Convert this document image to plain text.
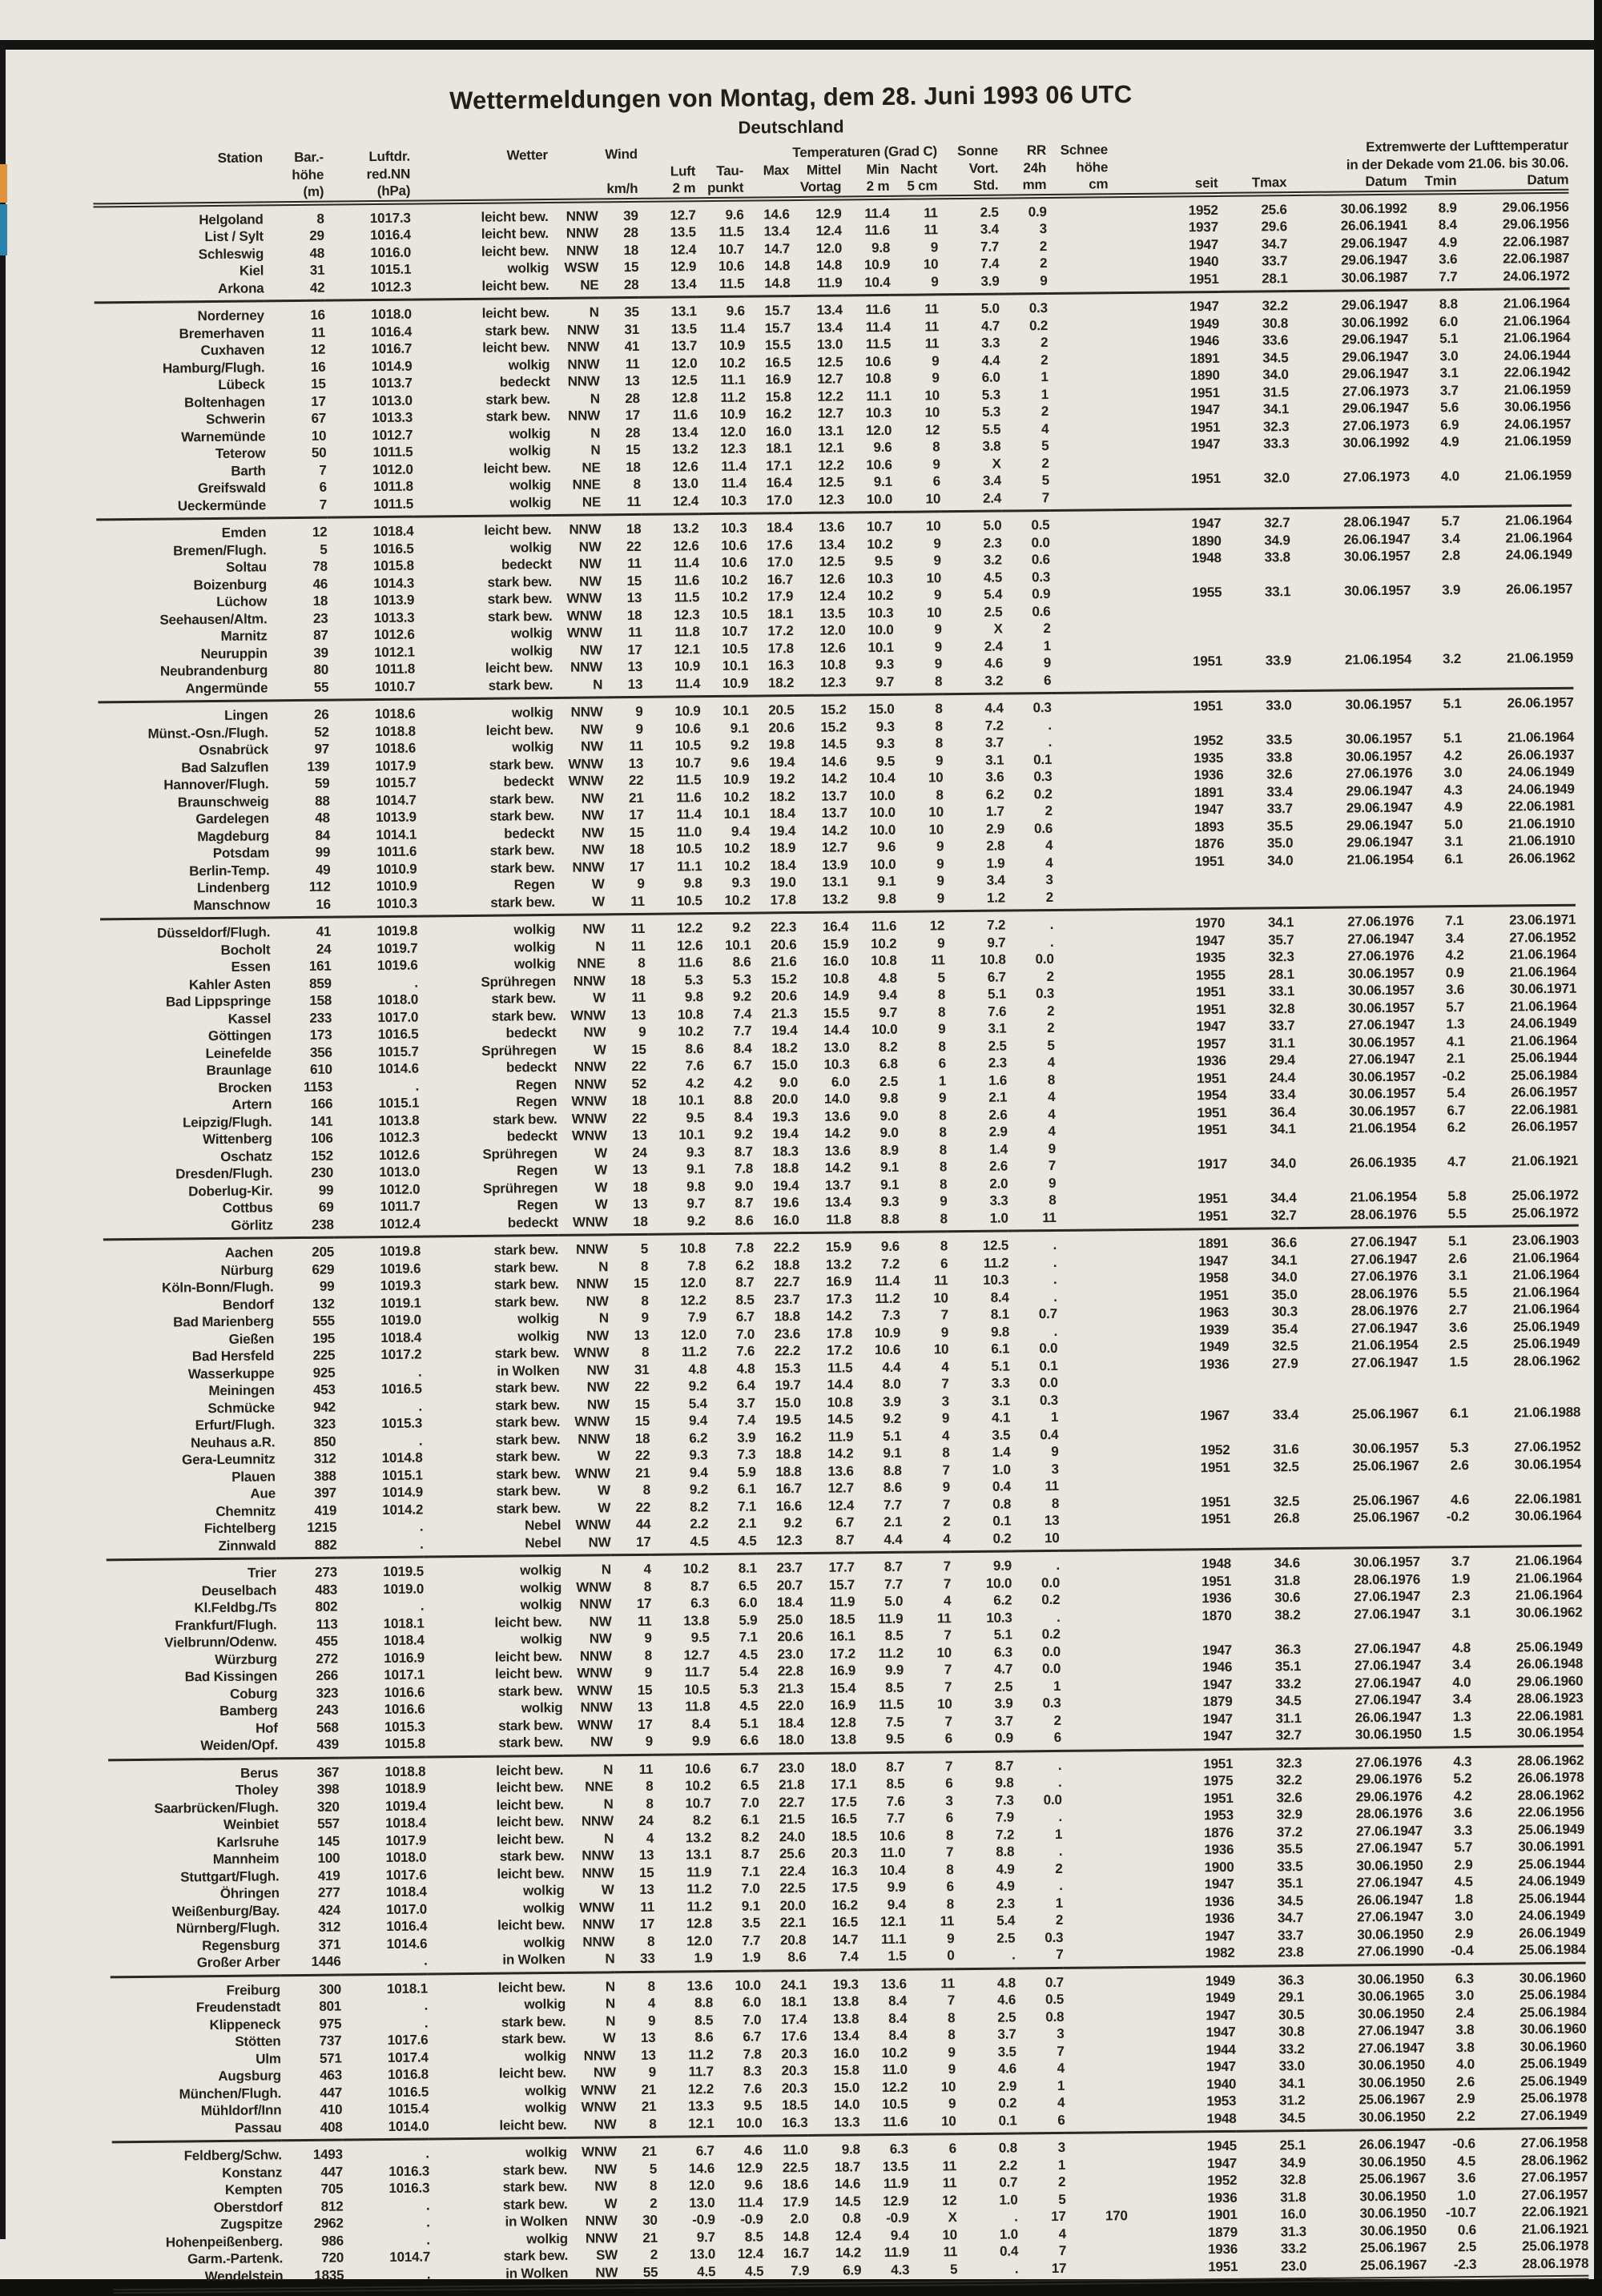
Wettermeldungen von Montag, dem 28. Juni 1993 06 UTC
Deutschland
Station	Bar.-	Luftdr.	Wetter	Wind		Temperaturen (Grad C)						Sonne	RR	Schnee	Extremwerte der Lufttemperatur				
	höhe	red.NN				Luft	Tau-	Max	Mittel	Min	Nacht	Vort.	24h	höhe	in der Dekade vom 21.06. bis 30.06.				
	(m)	(hPa)			km/h	2 m	punkt	Vortag		2 m	5 cm	Std.	mm	cm	seit	Tmax	Datum	Tmin	Datum
Helgoland	8	1017.3	leicht bew.	NNW	39	12.7	9.6	14.6	12.9	11.4	11	2.5	0.9		1952	25.6	30.06.1992	8.9	29.06.1956
List / Sylt	29	1016.4	leicht bew.	NNW	28	13.5	11.5	13.4	12.4	11.6	11	3.4	3		1937	29.6	26.06.1941	8.4	29.06.1956
Schleswig	48	1016.0	leicht bew.	NNW	18	12.4	10.7	14.7	12.0	9.8	9	7.7	2		1947	34.7	29.06.1947	4.9	22.06.1987
Kiel	31	1015.1	wolkig	WSW	15	12.9	10.6	14.8	14.8	10.9	10	7.4	2		1940	33.7	29.06.1947	3.6	22.06.1987
Arkona	42	1012.3	leicht bew.	NE	28	13.4	11.5	14.8	11.9	10.4	9	3.9	9		1951	28.1	30.06.1987	7.7	24.06.1972
Norderney	16	1018.0	leicht bew.	N	35	13.1	9.6	15.7	13.4	11.6	11	5.0	0.3		1947	32.2	29.06.1947	8.8	21.06.1964
Bremerhaven	11	1016.4	stark bew.	NNW	31	13.5	11.4	15.7	13.4	11.4	11	4.7	0.2		1949	30.8	30.06.1992	6.0	21.06.1964
Cuxhaven	12	1016.7	leicht bew.	NNW	41	13.7	10.9	15.5	13.0	11.5	11	3.3	2		1946	33.6	29.06.1947	5.1	21.06.1964
Hamburg/Flugh.	16	1014.9	wolkig	NNW	11	12.0	10.2	16.5	12.5	10.6	9	4.4	2		1891	34.5	29.06.1947	3.0	24.06.1944
Lübeck	15	1013.7	bedeckt	NNW	13	12.5	11.1	16.9	12.7	10.8	9	6.0	1		1890	34.0	29.06.1947	3.1	22.06.1942
Boltenhagen	17	1013.0	stark bew.	N	28	12.8	11.2	15.8	12.2	11.1	10	5.3	1		1951	31.5	27.06.1973	3.7	21.06.1959
Schwerin	67	1013.3	stark bew.	NNW	17	11.6	10.9	16.2	12.7	10.3	10	5.3	2		1947	34.1	29.06.1947	5.6	30.06.1956
Warnemünde	10	1012.7	wolkig	N	28	13.4	12.0	16.0	13.1	12.0	12	5.5	4		1951	32.3	27.06.1973	6.9	24.06.1957
Teterow	50	1011.5	wolkig	N	15	13.2	12.3	18.1	12.1	9.6	8	3.8	5		1947	33.3	30.06.1992	4.9	21.06.1959
Barth	7	1012.0	leicht bew.	NE	18	12.6	11.4	17.1	12.2	10.6	9	X	2						
Greifswald	6	1011.8	wolkig	NNE	8	13.0	11.4	16.4	12.5	9.1	6	3.4	5		1951	32.0	27.06.1973	4.0	21.06.1959
Ueckermünde	7	1011.5	wolkig	NE	11	12.4	10.3	17.0	12.3	10.0	10	2.4	7						
Emden	12	1018.4	leicht bew.	NNW	18	13.2	10.3	18.4	13.6	10.7	10	5.0	0.5		1947	32.7	28.06.1947	5.7	21.06.1964
Bremen/Flugh.	5	1016.5	wolkig	NW	22	12.6	10.6	17.6	13.4	10.2	9	2.3	0.0		1890	34.9	26.06.1947	3.4	21.06.1964
Soltau	78	1015.8	bedeckt	NW	11	11.4	10.6	17.0	12.5	9.5	9	3.2	0.6		1948	33.8	30.06.1957	2.8	24.06.1949
Boizenburg	46	1014.3	stark bew.	NW	15	11.6	10.2	16.7	12.6	10.3	10	4.5	0.3						
Lüchow	18	1013.9	stark bew.	WNW	13	11.5	10.2	17.9	12.4	10.2	9	5.4	0.9		1955	33.1	30.06.1957	3.9	26.06.1957
Seehausen/Altm.	23	1013.3	stark bew.	WNW	18	12.3	10.5	18.1	13.5	10.3	10	2.5	0.6						
Marnitz	87	1012.6	wolkig	WNW	11	11.8	10.7	17.2	12.0	10.0	9	X	2						
Neuruppin	39	1012.1	wolkig	NW	17	12.1	10.5	17.8	12.6	10.1	9	2.4	1						
Neubrandenburg	80	1011.8	leicht bew.	NNW	13	10.9	10.1	16.3	10.8	9.3	9	4.6	9		1951	33.9	21.06.1954	3.2	21.06.1959
Angermünde	55	1010.7	stark bew.	N	13	11.4	10.9	18.2	12.3	9.7	8	3.2	6						
Lingen	26	1018.6	wolkig	NNW	9	10.9	10.1	20.5	15.2	15.0	8	4.4	0.3		1951	33.0	30.06.1957	5.1	26.06.1957
Münst.-Osn./Flugh.	52	1018.8	leicht bew.	NW	9	10.6	9.1	20.6	15.2	9.3	8	7.2	.						
Osnabrück	97	1018.6	wolkig	NW	11	10.5	9.2	19.8	14.5	9.3	8	3.7	.		1952	33.5	30.06.1957	5.1	21.06.1964
Bad Salzuflen	139	1017.9	stark bew.	WNW	13	10.7	9.6	19.4	14.6	9.5	9	3.1	0.1		1935	33.8	30.06.1957	4.2	26.06.1937
Hannover/Flugh.	59	1015.7	bedeckt	WNW	22	11.5	10.9	19.2	14.2	10.4	10	3.6	0.3		1936	32.6	27.06.1976	3.0	24.06.1949
Braunschweig	88	1014.7	stark bew.	NW	21	11.6	10.2	18.2	13.7	10.0	8	6.2	0.2		1891	33.4	29.06.1947	4.3	24.06.1949
Gardelegen	48	1013.9	stark bew.	NW	17	11.4	10.1	18.4	13.7	10.0	10	1.7	2		1947	33.7	29.06.1947	4.9	22.06.1981
Magdeburg	84	1014.1	bedeckt	NW	15	11.0	9.4	19.4	14.2	10.0	10	2.9	0.6		1893	35.5	29.06.1947	5.0	21.06.1910
Potsdam	99	1011.6	stark bew.	NW	18	10.5	10.2	18.9	12.7	9.6	9	2.8	4		1876	35.0	29.06.1947	3.1	21.06.1910
Berlin-Temp.	49	1010.9	stark bew.	NNW	17	11.1	10.2	18.4	13.9	10.0	9	1.9	4		1951	34.0	21.06.1954	6.1	26.06.1962
Lindenberg	112	1010.9	Regen	W	9	9.8	9.3	19.0	13.1	9.1	9	3.4	3						
Manschnow	16	1010.3	stark bew.	W	11	10.5	10.2	17.8	13.2	9.8	9	1.2	2						
Düsseldorf/Flugh.	41	1019.8	wolkig	NW	11	12.2	9.2	22.3	16.4	11.6	12	7.2	.		1970	34.1	27.06.1976	7.1	23.06.1971
Bocholt	24	1019.7	wolkig	N	11	12.6	10.1	20.6	15.9	10.2	9	9.7	.		1947	35.7	27.06.1947	3.4	27.06.1952
Essen	161	1019.6	wolkig	NNE	8	11.6	8.6	21.6	16.0	10.8	11	10.8	0.0		1935	32.3	27.06.1976	4.2	21.06.1964
Kahler Asten	859	.	Sprühregen	NNW	18	5.3	5.3	15.2	10.8	4.8	5	6.7	2		1955	28.1	30.06.1957	0.9	21.06.1964
Bad Lippspringe	158	1018.0	stark bew.	W	11	9.8	9.2	20.6	14.9	9.4	8	5.1	0.3		1951	33.1	30.06.1957	3.6	30.06.1971
Kassel	233	1017.0	stark bew.	WNW	13	10.8	7.4	21.3	15.5	9.7	8	7.6	2		1951	32.8	30.06.1957	5.7	21.06.1964
Göttingen	173	1016.5	bedeckt	NW	9	10.2	7.7	19.4	14.4	10.0	9	3.1	2		1947	33.7	27.06.1947	1.3	24.06.1949
Leinefelde	356	1015.7	Sprühregen	W	15	8.6	8.4	18.2	13.0	8.2	8	2.5	5		1957	31.1	30.06.1957	4.1	21.06.1964
Braunlage	610	1014.6	bedeckt	NNW	22	7.6	6.7	15.0	10.3	6.8	6	2.3	4		1936	29.4	27.06.1947	2.1	25.06.1944
Brocken	1153	.	Regen	NNW	52	4.2	4.2	9.0	6.0	2.5	1	1.6	8		1951	24.4	30.06.1957	-0.2	25.06.1984
Artern	166	1015.1	Regen	WNW	18	10.1	8.8	20.0	14.0	9.8	9	2.1	4		1954	33.4	30.06.1957	5.4	26.06.1957
Leipzig/Flugh.	141	1013.8	stark bew.	WNW	22	9.5	8.4	19.3	13.6	9.0	8	2.6	4		1951	36.4	30.06.1957	6.7	22.06.1981
Wittenberg	106	1012.3	bedeckt	WNW	13	10.1	9.2	19.4	14.2	9.0	8	2.9	4		1951	34.1	21.06.1954	6.2	26.06.1957
Oschatz	152	1012.6	Sprühregen	W	24	9.3	8.7	18.3	13.6	8.9	8	1.4	9						
Dresden/Flugh.	230	1013.0	Regen	W	13	9.1	7.8	18.8	14.2	9.1	8	2.6	7		1917	34.0	26.06.1935	4.7	21.06.1921
Doberlug-Kir.	99	1012.0	Sprühregen	W	18	9.8	9.0	19.4	13.7	9.1	8	2.0	9						
Cottbus	69	1011.7	Regen	W	13	9.7	8.7	19.6	13.4	9.3	9	3.3	8		1951	34.4	21.06.1954	5.8	25.06.1972
Görlitz	238	1012.4	bedeckt	WNW	18	9.2	8.6	16.0	11.8	8.8	8	1.0	11		1951	32.7	28.06.1976	5.5	25.06.1972
Aachen	205	1019.8	stark bew.	NNW	5	10.8	7.8	22.2	15.9	9.6	8	12.5	.		1891	36.6	27.06.1947	5.1	23.06.1903
Nürburg	629	1019.6	stark bew.	N	8	7.8	6.2	18.8	13.2	7.2	6	11.2	.		1947	34.1	27.06.1947	2.6	21.06.1964
Köln-Bonn/Flugh.	99	1019.3	stark bew.	NNW	15	12.0	8.7	22.7	16.9	11.4	11	10.3	.		1958	34.0	27.06.1976	3.1	21.06.1964
Bendorf	132	1019.1	stark bew.	NW	8	12.2	8.5	23.7	17.3	11.2	10	8.4	.		1951	35.0	28.06.1976	5.5	21.06.1964
Bad Marienberg	555	1019.0	wolkig	N	9	7.9	6.7	18.8	14.2	7.3	7	8.1	0.7		1963	30.3	28.06.1976	2.7	21.06.1964
Gießen	195	1018.4	wolkig	NW	13	12.0	7.0	23.6	17.8	10.9	9	9.8	.		1939	35.4	27.06.1947	3.6	25.06.1949
Bad Hersfeld	225	1017.2	stark bew.	WNW	8	11.2	7.6	22.2	17.2	10.6	10	6.1	0.0		1949	32.5	21.06.1954	2.5	25.06.1949
Wasserkuppe	925	.	in Wolken	NW	31	4.8	4.8	15.3	11.5	4.4	4	5.1	0.1		1936	27.9	27.06.1947	1.5	28.06.1962
Meiningen	453	1016.5	stark bew.	NW	22	9.2	6.4	19.7	14.4	8.0	7	3.3	0.0						
Schmücke	942	.	stark bew.	NW	15	5.4	3.7	15.0	10.8	3.9	3	3.1	0.3						
Erfurt/Flugh.	323	1015.3	stark bew.	WNW	15	9.4	7.4	19.5	14.5	9.2	9	4.1	1		1967	33.4	25.06.1967	6.1	21.06.1988
Neuhaus a.R.	850	.	stark bew.	NNW	18	6.2	3.9	16.2	11.9	5.1	4	3.5	0.4						
Gera-Leumnitz	312	1014.8	stark bew.	W	22	9.3	7.3	18.8	14.2	9.1	8	1.4	9		1952	31.6	30.06.1957	5.3	27.06.1952
Plauen	388	1015.1	stark bew.	WNW	21	9.4	5.9	18.8	13.6	8.8	7	1.0	3		1951	32.5	25.06.1967	2.6	30.06.1954
Aue	397	1014.9	stark bew.	W	8	9.2	6.1	16.7	12.7	8.6	9	0.4	11						
Chemnitz	419	1014.2	stark bew.	W	22	8.2	7.1	16.6	12.4	7.7	7	0.8	8		1951	32.5	25.06.1967	4.6	22.06.1981
Fichtelberg	1215	.	Nebel	WNW	44	2.2	2.1	9.2	6.7	2.1	2	0.1	13		1951	26.8	25.06.1967	-0.2	30.06.1964
Zinnwald	882	.	Nebel	NW	17	4.5	4.5	12.3	8.7	4.4	4	0.2	10						
Trier	273	1019.5	wolkig	N	4	10.2	8.1	23.7	17.7	8.7	7	9.9	.		1948	34.6	30.06.1957	3.7	21.06.1964
Deuselbach	483	1019.0	wolkig	WNW	8	8.7	6.5	20.7	15.7	7.7	7	10.0	0.0		1951	31.8	28.06.1976	1.9	21.06.1964
Kl.Feldbg./Ts	802	.	wolkig	NNW	17	6.3	6.0	18.4	11.9	5.0	4	6.2	0.2		1936	30.6	27.06.1947	2.3	21.06.1964
Frankfurt/Flugh.	113	1018.1	leicht bew.	NW	11	13.8	5.9	25.0	18.5	11.9	11	10.3	.		1870	38.2	27.06.1947	3.1	30.06.1962
Vielbrunn/Odenw.	455	1018.4	wolkig	NW	9	9.5	7.1	20.6	16.1	8.5	7	5.1	0.2						
Würzburg	272	1016.9	leicht bew.	NNW	8	12.7	4.5	23.0	17.2	11.2	10	6.3	0.0		1947	36.3	27.06.1947	4.8	25.06.1949
Bad Kissingen	266	1017.1	leicht bew.	WNW	9	11.7	5.4	22.8	16.9	9.9	7	4.7	0.0		1946	35.1	27.06.1947	3.4	26.06.1948
Coburg	323	1016.6	stark bew.	WNW	15	10.5	5.3	21.3	15.4	8.5	7	2.5	1		1947	33.2	27.06.1947	4.0	29.06.1960
Bamberg	243	1016.6	wolkig	NNW	13	11.8	4.5	22.0	16.9	11.5	10	3.9	0.3		1879	34.5	27.06.1947	3.4	28.06.1923
Hof	568	1015.3	stark bew.	WNW	17	8.4	5.1	18.4	12.8	7.5	7	3.7	2		1947	31.1	26.06.1947	1.3	22.06.1981
Weiden/Opf.	439	1015.8	stark bew.	NW	9	9.9	6.6	18.0	13.8	9.5	6	0.9	6		1947	32.7	30.06.1950	1.5	30.06.1954
Berus	367	1018.8	leicht bew.	N	11	10.6	6.7	23.0	18.0	8.7	7	8.7	.		1951	32.3	27.06.1976	4.3	28.06.1962
Tholey	398	1018.9	leicht bew.	NNE	8	10.2	6.5	21.8	17.1	8.5	6	9.8	.		1975	32.2	29.06.1976	5.2	26.06.1978
Saarbrücken/Flugh.	320	1019.4	leicht bew.	N	8	10.7	7.0	22.7	17.5	7.6	3	7.3	0.0		1951	32.6	29.06.1976	4.2	28.06.1962
Weinbiet	557	1018.4	leicht bew.	NNW	24	8.2	6.1	21.5	16.5	7.7	6	7.9	.		1953	32.9	28.06.1976	3.6	22.06.1956
Karlsruhe	145	1017.9	leicht bew.	N	4	13.2	8.2	24.0	18.5	10.6	8	7.2	1		1876	37.2	27.06.1947	3.3	25.06.1949
Mannheim	100	1018.0	stark bew.	NNW	13	13.1	8.7	25.6	20.3	11.0	7	8.8	.		1936	35.5	27.06.1947	5.7	30.06.1991
Stuttgart/Flugh.	419	1017.6	leicht bew.	NNW	15	11.9	7.1	22.4	16.3	10.4	8	4.9	2		1900	33.5	30.06.1950	2.9	25.06.1944
Öhringen	277	1018.4	wolkig	W	13	11.2	7.0	22.5	17.5	9.9	6	4.9	.		1947	35.1	27.06.1947	4.5	24.06.1949
Weißenburg/Bay.	424	1017.0	wolkig	WNW	11	11.2	9.1	20.0	16.2	9.4	8	2.3	1		1936	34.5	26.06.1947	1.8	25.06.1944
Nürnberg/Flugh.	312	1016.4	leicht bew.	NNW	17	12.8	3.5	22.1	16.5	12.1	11	5.4	2		1936	34.7	27.06.1947	3.0	24.06.1949
Regensburg	371	1014.6	wolkig	NNW	8	12.0	7.7	20.8	14.7	11.1	9	2.5	0.3		1947	33.7	30.06.1950	2.9	26.06.1949
Großer Arber	1446	.	in Wolken	N	33	1.9	1.9	8.6	7.4	1.5	0	.	7		1982	23.8	27.06.1990	-0.4	25.06.1984
Freiburg	300	1018.1	leicht bew.	N	8	13.6	10.0	24.1	19.3	13.6	11	4.8	0.7		1949	36.3	30.06.1950	6.3	30.06.1960
Freudenstadt	801	.	wolkig	N	4	8.8	6.0	18.1	13.8	8.4	7	4.6	0.5		1949	29.1	30.06.1965	3.0	25.06.1984
Klippeneck	975	.	stark bew.	N	9	8.5	7.0	17.4	13.8	8.4	8	2.5	0.8		1947	30.5	30.06.1950	2.4	25.06.1984
Stötten	737	1017.6	stark bew.	W	13	8.6	6.7	17.6	13.4	8.4	8	3.7	3		1947	30.8	27.06.1947	3.8	30.06.1960
Ulm	571	1017.4	wolkig	NNW	13	11.2	7.8	20.3	16.0	10.2	9	3.5	7		1944	33.2	27.06.1947	3.8	30.06.1960
Augsburg	463	1016.8	leicht bew.	NW	9	11.7	8.3	20.3	15.8	11.0	9	4.6	4		1947	33.0	30.06.1950	4.0	25.06.1949
München/Flugh.	447	1016.5	wolkig	WNW	21	12.2	7.6	20.3	15.0	12.2	10	2.9	1		1940	34.1	30.06.1950	2.6	25.06.1949
Mühldorf/Inn	410	1015.4	wolkig	WNW	21	13.3	9.5	18.5	14.0	10.5	9	0.2	4		1953	31.2	25.06.1967	2.9	25.06.1978
Passau	408	1014.0	leicht bew.	NW	8	12.1	10.0	16.3	13.3	11.6	10	0.1	6		1948	34.5	30.06.1950	2.2	27.06.1949
Feldberg/Schw.	1493	.	wolkig	WNW	21	6.7	4.6	11.0	9.8	6.3	6	0.8	3		1945	25.1	26.06.1947	-0.6	27.06.1958
Konstanz	447	1016.3	stark bew.	NW	5	14.6	12.9	22.5	18.7	13.5	11	2.2	1		1947	34.9	30.06.1950	4.5	28.06.1962
Kempten	705	1016.3	stark bew.	NW	8	12.0	9.6	18.6	14.6	11.9	11	0.7	2		1952	32.8	25.06.1967	3.6	27.06.1957
Oberstdorf	812	.	stark bew.	W	2	13.0	11.4	17.9	14.5	12.9	12	1.0	5		1936	31.8	30.06.1950	1.0	27.06.1957
Zugspitze	2962	.	in Wolken	NNW	30	-0.9	-0.9	2.0	0.8	-0.9	X	.	17	170	1901	16.0	30.06.1950	-10.7	22.06.1921
Hohenpeißenberg.	986	.	wolkig	NNW	21	9.7	8.5	14.8	12.4	9.4	10	1.0	4		1879	31.3	30.06.1950	0.6	21.06.1921
Garm.-Partenk.	720	1014.7	stark bew.	SW	2	13.0	12.4	16.7	14.2	11.9	11	0.4	7		1936	33.2	25.06.1967	2.5	25.06.1978
Wendelstein	1835	.	in Wolken	NW	55	4.5	4.5	7.9	6.9	4.3	5	.	17		1951	23.0	25.06.1967	-2.3	28.06.1978
